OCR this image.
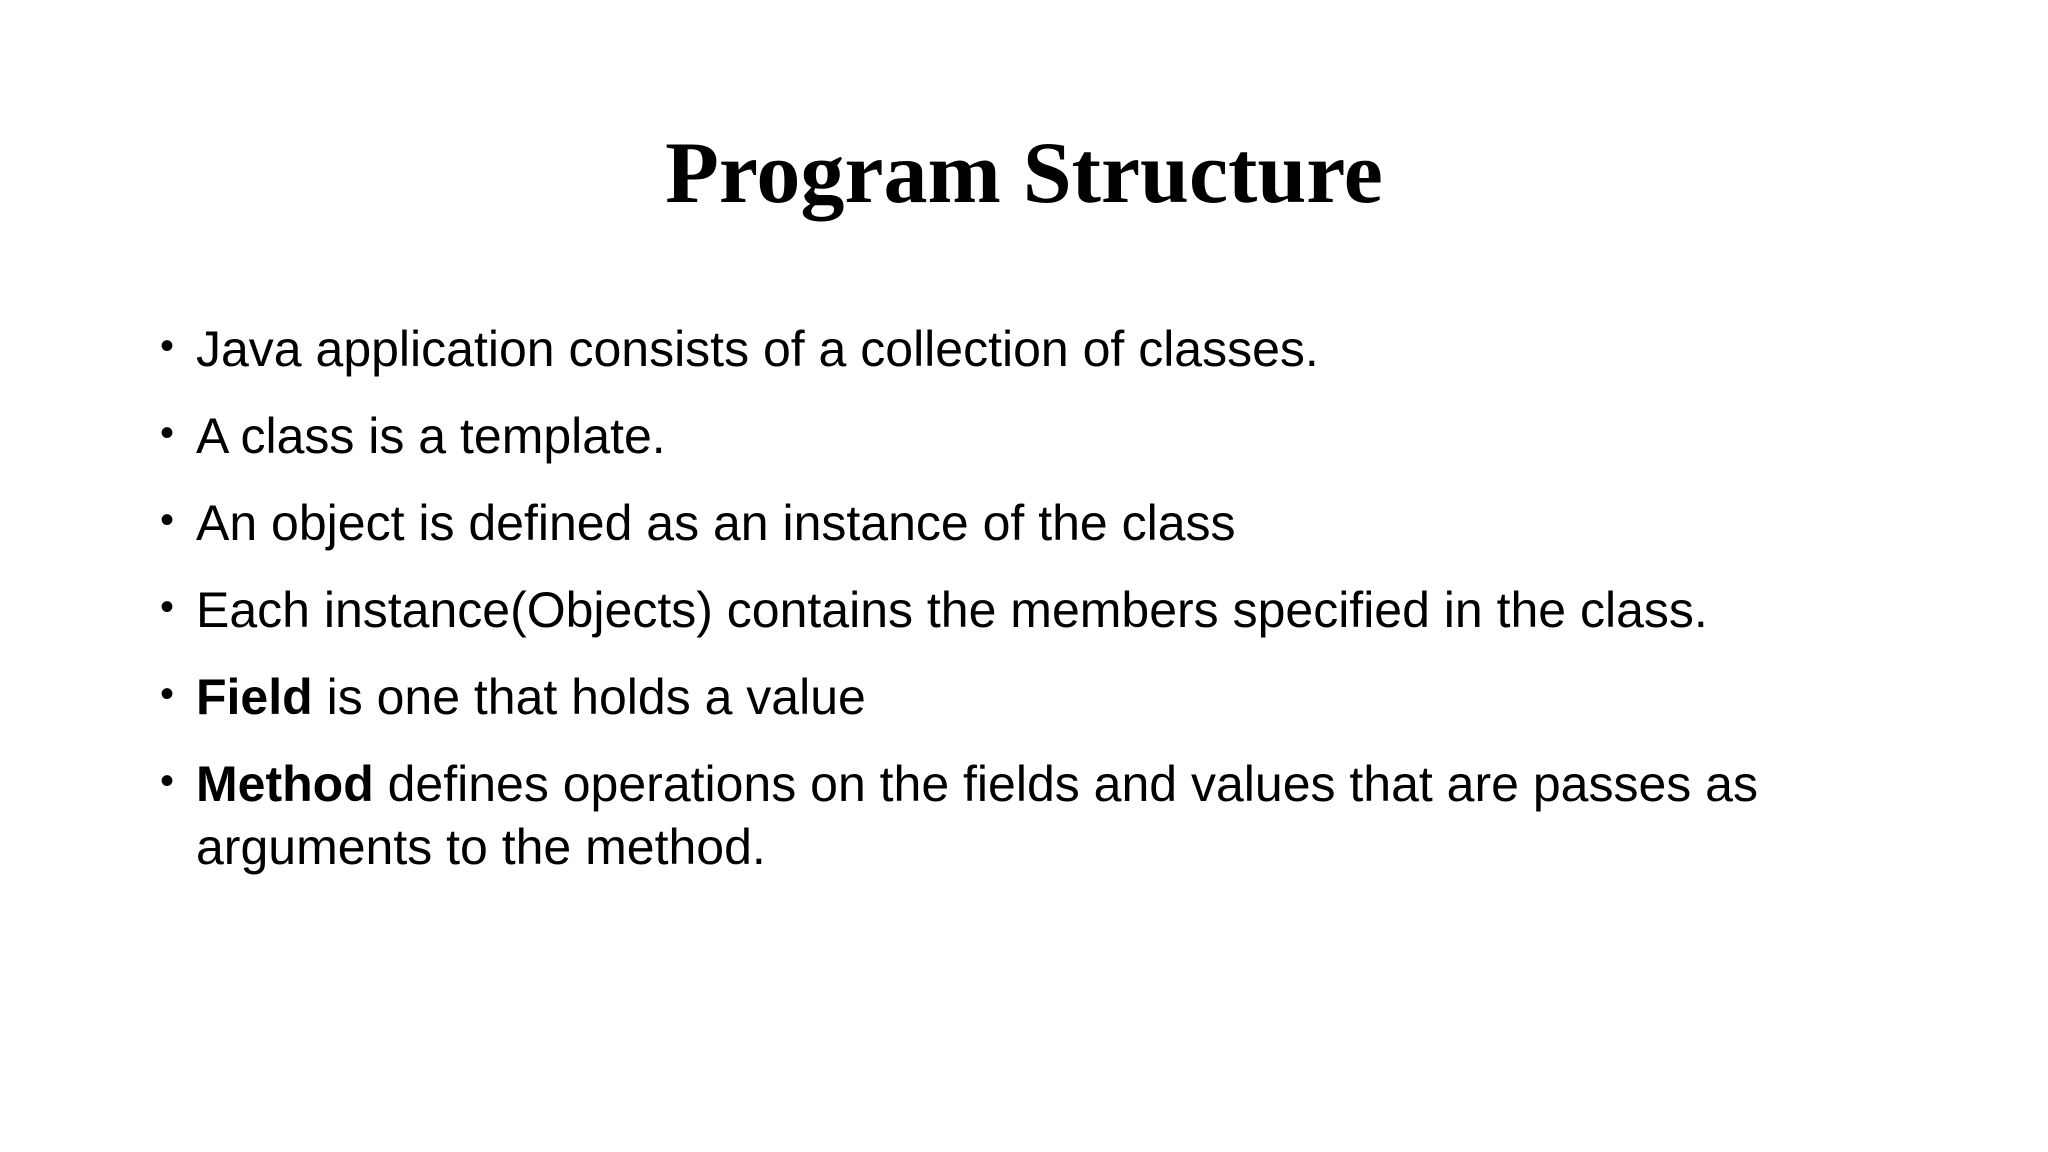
Program Structure
• Java application consists of a collection of classes.
• A class is a template.
• An object is defined as an instance of the class
• Each instance(Objects) contains the members specified in the class.
• Field is one that holds a value
• Method defines operations on the fields and values that are passes as arguments to the method.
